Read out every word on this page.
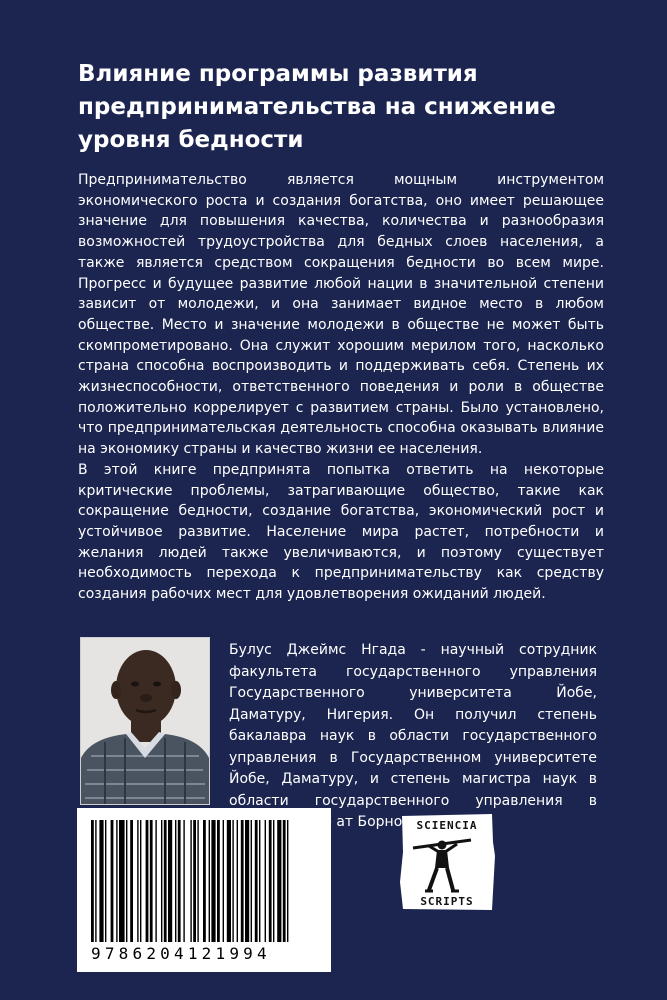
Влияние программы развития предпринимательства на снижение уровня бедности

Предпринимательство является мощным инструментом экономического роста и создания богатства, оно имеет решающее значение для повышения качества, количества и разнообразия возможностей трудоустройства для бедных слоев населения, а также является средством сокращения бедности во всем мире. Прогресс и будущее развитие любой нации в значительной степени зависит от молодежи, и она занимает видное место в любом обществе. Место и значение молодежи в обществе не может быть скомпрометировано. Она служит хорошим мерилом того, насколько страна способна воспроизводить и поддерживать себя. Степень их жизнеспособности, ответственного поведения и роли в обществе положительно коррелирует с развитием страны. Было установлено, что предпринимательская деятельность способна оказывать влияние на экономику страны и качество жизни ее населения.

В этой книге предпринята попытка ответить на некоторые критические проблемы, затрагивающие общество, такие как сокращение бедности, создание богатства, экономический рост и устойчивое развитие. Население мира растет, потребности и желания людей также увеличиваются, и поэтому существует необходимость перехода к предпринимательству как средству создания рабочих мест для удовлетворения ожиданий людей.

Булус Джеймс Нгада - научный сотрудник факультета государственного управления Государственного университета Йобе, Даматуру, Нигерия. Он получил степень бакалавра наук в области государственного управления в Государственном университете Йобе, Даматуру, и степень магистра наук в области государственного управления в ат Борно.

9786204121994
SCIENCIA
SCRIPTS
